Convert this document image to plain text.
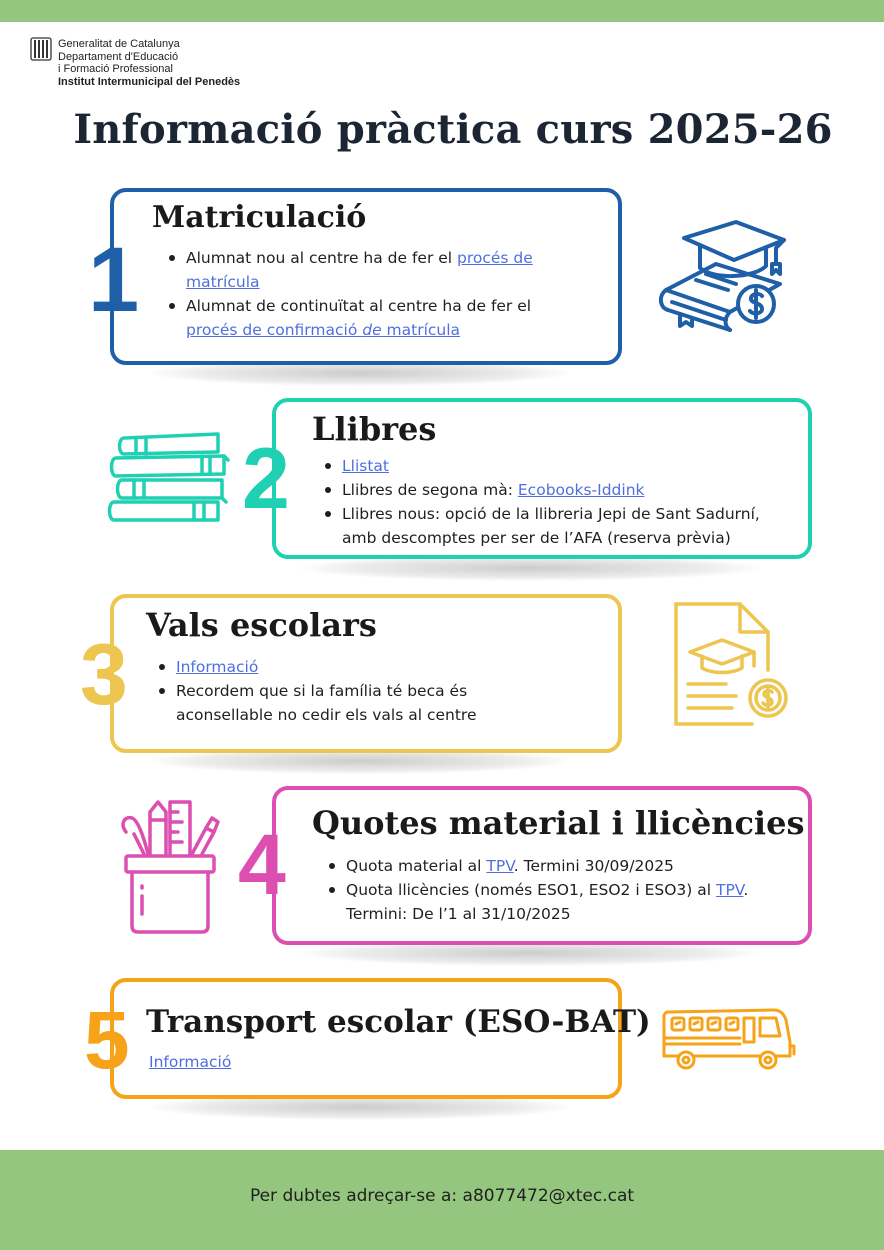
Generalitat de Catalunya
Departament d'Educació
i Formació Professional
Institut Intermunicipal del Penedès
Informació pràctica curs 2025-26
1
Matriculació
Alumnat nou al centre ha de fer el procés de
matrícula
Alumnat de continuïtat al centre ha de fer el
procés de confirmació de matrícula
2
Llibres
Llistat
Llibres de segona mà: Ecobooks-Iddink
Llibres nous: opció de la llibreria Jepi de Sant Sadurní,
amb descomptes per ser de l’AFA (reserva prèvia)
3
Vals escolars
Informació
Recordem que si la família té beca és
aconsellable no cedir els vals al centre
4 Quotes material i llicències
Quota material al TPV. Termini 30/09/2025
Quota llicències (només ESO1, ESO2 i ESO3) al TPV.
Termini: De l’1 al 31/10/2025
5 Transport escolar (ESO-BAT)
Informació
Per dubtes adreçar-se a: a8077472@xtec.cat
